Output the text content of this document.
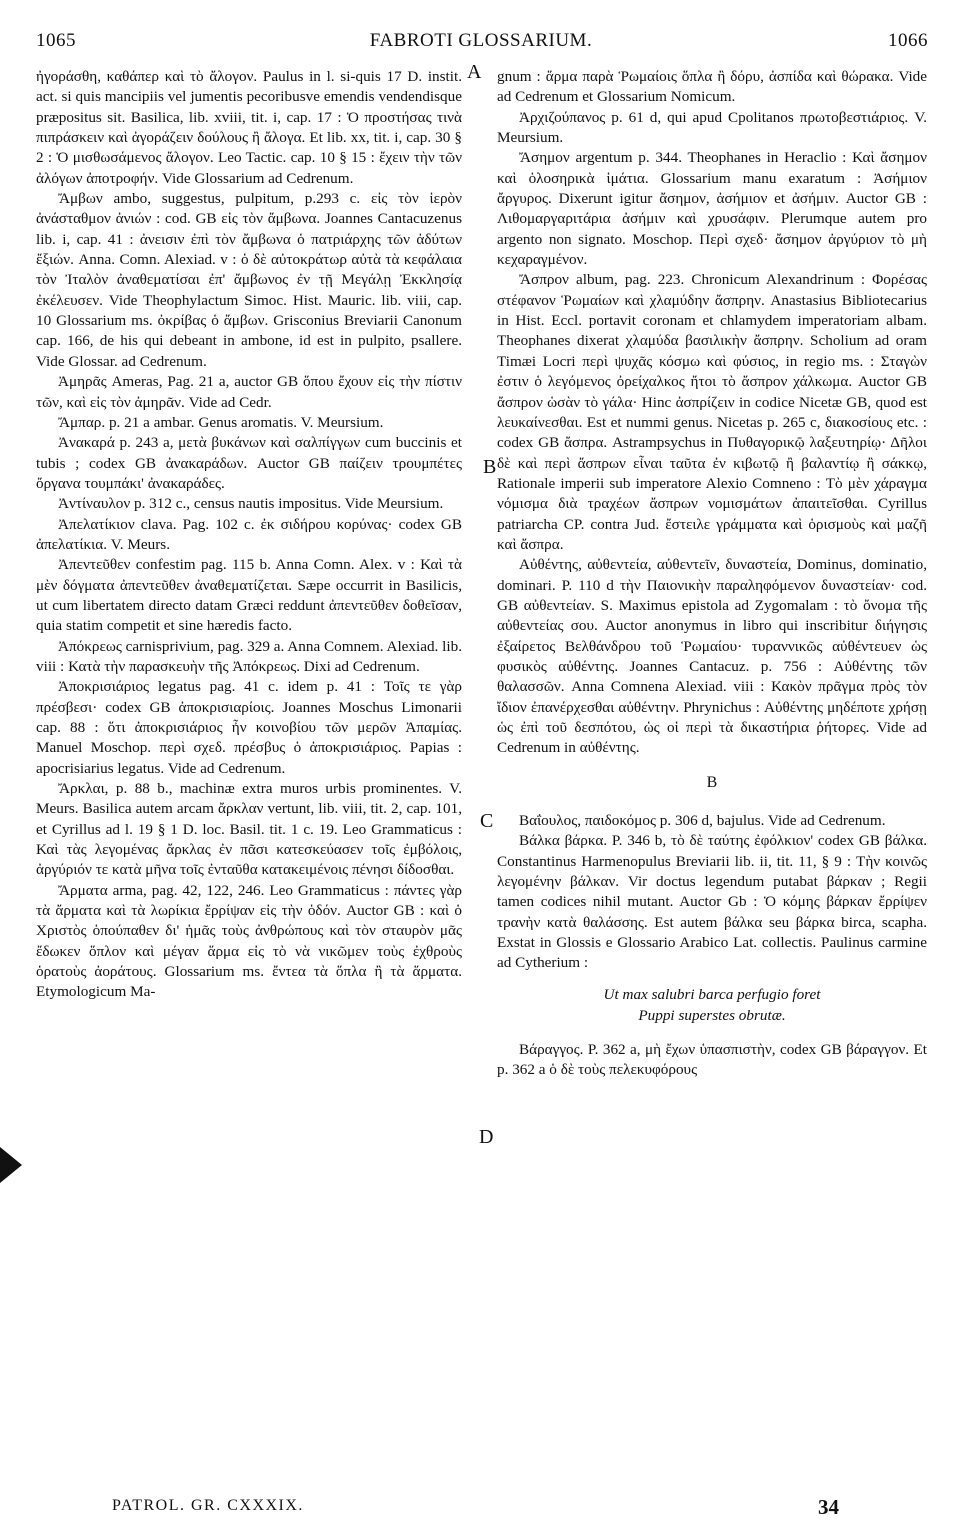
FABROTI GLOSSARIUM.
1065	1066
A
C
D
B

ἠγοράσθη, καθάπερ καὶ τὸ ἄλογον. Paulus in l. si-quis 17 D. instit. act. si quis mancipiis vel jumentis pecoribusve emendis vendendisque præpositus sit. Basilica, lib. xviii, tit. i, cap. 17 : Ὁ προστήσας τινὰ πιπράσκειν καὶ ἀγοράζειν δούλους ἢ ἄλογα. Et lib. xx, tit. i, cap. 30 § 2 : Ὁ μισθωσάμενος ἄλογον. Leo Tactic. cap. 10 § 15 : ἔχειν τὴν τῶν ἀλόγων ἀποτροφήν. Vide Glossarium ad Cedrenum.

Ἄμβων ambo, suggestus, pulpitum, p.293 c. εἰς τὸν ἱερὸν ἀνάσταθμον ἀνιών : cod. GB εἰς τὸν ἄμβωνα. Joannes Cantacuzenus lib. i, cap. 41 : ἀνεισιν ἐπὶ τὸν ἄμβωνα ὁ πατριάρχης τῶν ἀδύτων ἔξιών. Anna. Comn. Alexiad. v : ὁ δὲ αὐτοκράτωρ αὐτὰ τὰ κεφάλαια τὸν Ἰταλὸν ἀναθεματίσαι ἐπ' ἄμβωνος ἐν τῇ Μεγάλῃ Ἐκκλησίᾳ ἐκέλευσεν. Vide Theophylactum Simoc. Hist. Mauric. lib. viii, cap. 10 Glossarium ms. ὀκρίβας ὁ ἄμβων. Grisconius Breviarii Canonum cap. 166, de his qui debeant in ambone, id est in pulpito, psallere. Vide Glossar. ad Cedrenum.

Ἀμηρᾶς Ameras, Pag. 21 a, auctor GB ὅπου ἔχουν εἰς τὴν πίστιν τῶν, καὶ εἰς τὸν ἀμηρᾶν. Vide ad Cedr.

Ἄμπαρ. p. 21 a ambar. Genus aromatis. V. Meursium.

Ἀνακαρά p. 243 a, μετὰ βυκάνων καὶ σαλπίγγων cum buccinis et tubis ; codex GB ἀνακαράδων. Auctor GB παίζειν τρουμπέτες ὄργανα τουμπάκι' ἀνακαράδες.

Ἀντίναυλον p. 312 c., census nautis impositus. Vide Meursium.

Ἀπελατίκιον clava. Pag. 102 c. ἐκ σιδήρου κορύνας· codex GB ἀπελατίκια. V. Meurs.

Ἀπεντεῦθεν confestim pag. 115 b. Anna Comn. Alex. v : Καὶ τὰ μὲν δόγματα ἀπεντεῦθεν ἀναθεματίζεται. Sæpe occurrit in Basilicis, ut cum libertatem directo datam Græci reddunt ἀπεντεῦθεν δοθεῖσαν, quia statim competit et sine hæredis facto.

Ἀπόκρεως carnisprivium, pag. 329 a. Anna Comnem. Alexiad. lib. viii : Κατὰ τὴν παρασκευὴν τῆς Ἀπόκρεως. Dixi ad Cedrenum.

Ἀποκρισιάριος legatus pag. 41 c. idem p. 41 : Τοῖς τε γὰρ πρέσβεσι· codex GB ἀποκρισιαρίοις. Joannes Moschus Limonarii cap. 88 : ὅτι ἀποκρισιάριος ἦν κοινοβίου τῶν μερῶν Ἀπαμίας. Manuel Moschop. περὶ σχεδ. πρέσβυς ὁ ἀποκρισιάριος. Papias : apocrisiarius legatus. Vide ad Cedrenum.

Ἄρκλαι, p. 88 b., machinæ extra muros urbis prominentes. V. Meurs. Basilica autem arcam ἄρκλαν vertunt, lib. viii, tit. 2, cap. 101, et Cyrillus ad l. 19 § 1 D. loc. Basil. tit. 1 c. 19. Leo Grammaticus : Καὶ τὰς λεγομένας ἄρκλας ἐν πᾶσι κατεσκεύασεν τοῖς ἐμβόλοις, ἀργύριόν τε κατὰ μῆνα τοῖς ἐνταῦθα κατακειμένοις πένησι δίδοσθαι.

Ἄρματα arma, pag. 42, 122, 246. Leo Grammaticus : πάντες γὰρ τὰ ἄρματα καὶ τὰ λωρίκια ἔρρίψαν εἰς τὴν ὁδόν. Auctor GB : καὶ ὁ Χριστὸς ὁπούπαθεν δι' ἡμᾶς τοὺς ἀνθρώπους καὶ τὸν σταυρὸν μᾶς ἔδωκεν ὅπλον καὶ μέγαν ἅρμα εἰς τὸ νὰ νικῶμεν τοὺς ἐχθροὺς ὁρατοὺς ἀοράτους. Glossarium ms. ἔντεα τὰ ὅπλα ἢ τὰ ἅρματα. Etymologicum Ma-

gnum : ἅρμα παρὰ Ῥωμαίοις ὅπλα ἢ δόρυ, ἀσπίδα καὶ θώρακα. Vide ad Cedrenum et Glossarium Nomicum.

Ἀρχιζούπανος p. 61 d, qui apud Cpolitanos πρωτοβεστιάριος. V. Meursium.

Ἄσημον argentum p. 344. Theophanes in Heraclio : Καὶ ἄσημον καὶ ὁλοσηρικὰ ἱμάτια. Glossarium manu exaratum : Ἀσήμιον ἄργυρος. Dixerunt igitur ἄσημον, ἀσήμιον et ἀσήμιν. Auctor GB : Λιθομαργαριτάρια ἀσήμιν καὶ χρυσάφιν. Plerumque autem pro argento non signato. Moschop. Περὶ σχεδ· ἄσημον ἀργύριον τὸ μὴ κεχαραγμένον.

Ἄσπρον album, pag. 223. Chronicum Alexandrinum : Φορέσας στέφανον Ῥωμαίων καὶ χλαμύδην ἄσπρην. Anastasius Bibliotecarius in Hist. Eccl. portavit coronam et chlamydem imperatoriam albam. Theophanes dixerat χλαμύδα βασιλικὴν ἄσπρην. Scholium ad oram Timæi Locri περὶ ψυχᾶς κόσμω καὶ φύσιος, in regio ms. : Σταγὼν ἐστιν ὁ λεγόμενος ὀρείχαλκος ἤτοι τὸ ἄσπρον χάλκωμα. Auctor GB ἄσπρον ὡσὰν τὸ γάλα· Hinc ἀσπρίζειν in codice Nicetæ GB, quod est λευκαίνεσθαι. Est et nummi genus. Nicetas p. 265 c, διακοσίους etc. : codex GB ἄσπρα. Astrampsychus in Πυθαγορικῷ λαξευτηρίῳ· Δῆλοι δὲ καὶ περὶ ἄσπρων εἶναι ταῦτα ἐν κιβωτῷ ἢ βαλαντίῳ ἢ σάκκῳ, Rationale imperii sub imperatore Alexio Comneno : Τὸ μὲν χάραγμα νόμισμα διὰ τραχέων ἄσπρων νομισμάτων ἀπαιτεῖσθαι. Cyrillus patriarcha CP. contra Jud. ἔστειλε γράμματα καὶ ὁρισμοὺς καὶ μαζῆ καὶ ἄσπρα.

Αὐθέντης, αὐθεντεία, αὐθεντεῖν, δυναστεία, Dominus, dominatio, dominari. P. 110 d τὴν Παιονικὴν παραληφόμενον δυναστείαν· cod. GB αὐθεντείαν. S. Maximus epistola ad Zygomalam : τὸ ὄνομα τῆς αὐθεντείας σου. Auctor anonymus in libro qui inscribitur διήγησις ἐξαίρετος Βελθάνδρου τοῦ Ῥωμαίου· τυραννικῶς αὐθέντευεν ὡς φυσικὸς αὐθέντης. Joannes Cantacuz. p. 756 : Αὐθέντης τῶν θαλασσῶν. Anna Comnena Alexiad. viii : Κακὸν πρᾶγμα πρὸς τὸν ἴδιον ἐπανέρχεσθαι αὐθέντην. Phrynichus : Αὐθέντης μηδέποτε χρήσῃ ὡς ἐπὶ τοῦ δεσπότου, ὡς οἱ περὶ τὰ δικαστήρια ῥήτορες. Vide ad Cedrenum in αὐθέντης.

B

Βαΐουλος, παιδοκόμος p. 306 d, bajulus. Vide ad Cedrenum.

Βάλκα βάρκα. P. 346 b, τὸ δὲ ταύτης ἐφόλκιον' codex GB βάλκα. Constantinus Harmenopulus Breviarii lib. ii, tit. 11, § 9 : Τὴν κοινῶς λεγομένην βάλκαν. Vir doctus legendum putabat βάρκαν ; Regii tamen codices nihil mutant. Auctor Gb : Ὁ κόμης βάρκαν ἔρρίψεν τρανὴν κατὰ θαλάσσης. Est autem βάλκα seu βάρκα birca, scapha. Exstat in Glossis e Glossario Arabico Lat. collectis. Paulinus carmine ad Cytherium :

Ut max salubri barca perfugio foret
Puppi superstes obrutæ.

Βάραγγος. P. 362 a, μὴ ἔχων ὑπασπιστὴν, codex GB βάραγγον. Et p. 362 a ὁ δὲ τοὺς πελεκυφόρους

PATROL. GR. CXXXIX.	34
